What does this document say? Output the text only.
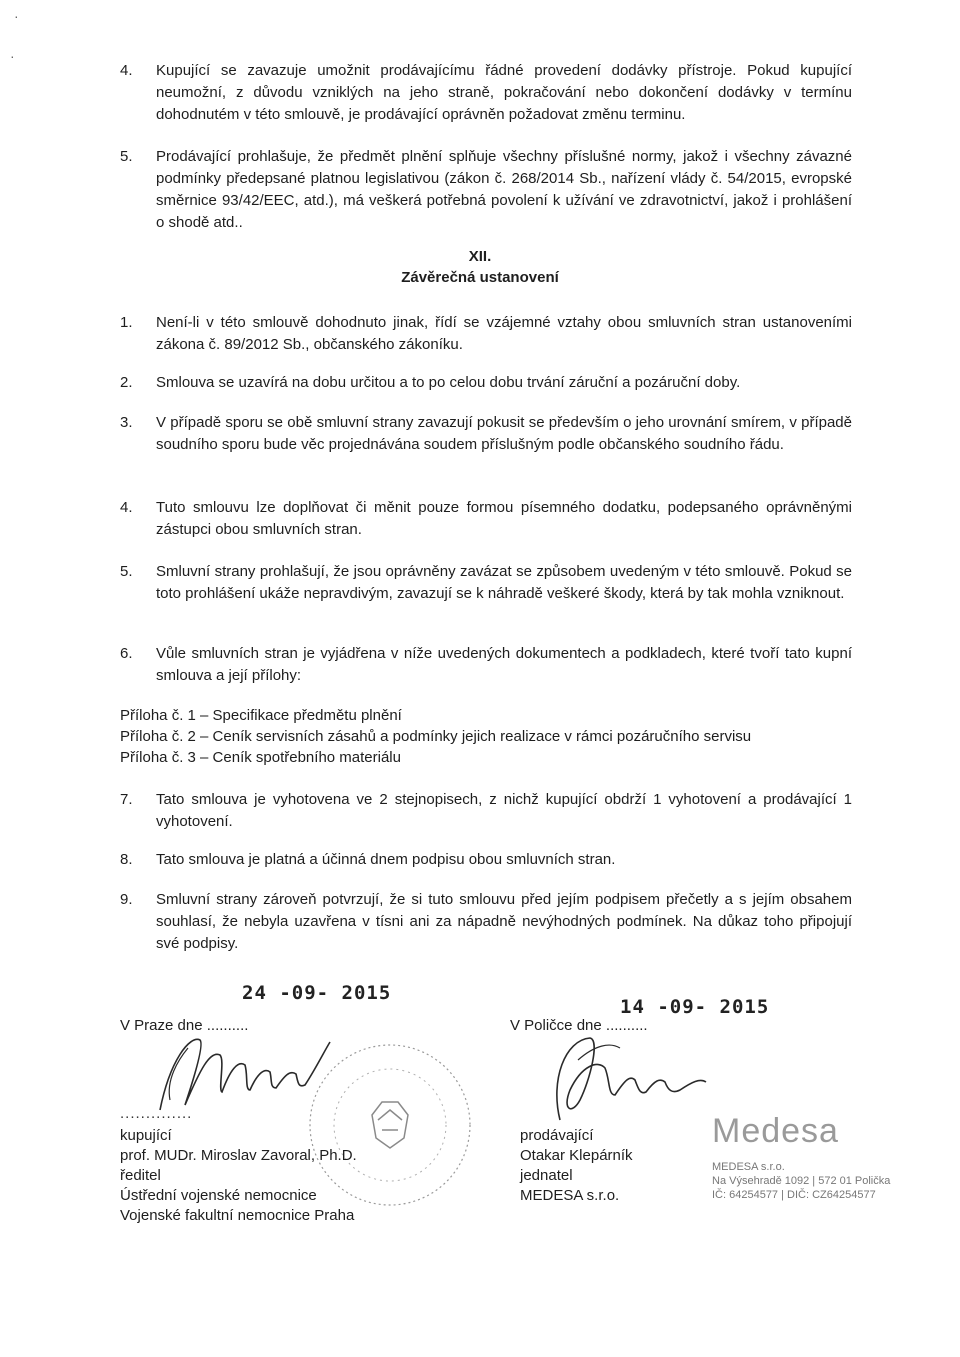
·
·
4.	Kupující se zavazuje umožnit prodávajícímu řádné provedení dodávky přístroje. Pokud kupující neumožní, z důvodu vzniklých na jeho straně, pokračování nebo dokončení dodávky v termínu dohodnutém v této smlouvě, je prodávající oprávněn požadovat změnu terminu.
5.	Prodávající prohlašuje, že předmět plnění splňuje všechny příslušné normy, jakož i všechny závazné podmínky předepsané platnou legislativou (zákon č. 268/2014 Sb., nařízení vlády č. 54/2015, evropské směrnice 93/42/EEC, atd.), má veškerá potřebná povolení k užívání ve zdravotnictví, jakož i prohlášení o shodě atd..
XII.
Závěrečná ustanovení
1.	Není-li v této smlouvě dohodnuto jinak, řídí se vzájemné vztahy obou smluvních stran ustanoveními zákona č. 89/2012 Sb., občanského zákoníku.
2.	Smlouva se uzavírá na dobu určitou a to po celou dobu trvání záruční a pozáruční doby.
3.	V případě sporu se obě smluvní strany zavazují pokusit se především o jeho urovnání smírem, v případě soudního sporu bude věc projednávána soudem příslušným podle občanského soudního řádu.
4.	Tuto smlouvu lze doplňovat či měnit pouze formou písemného dodatku, podepsaného oprávněnými zástupci obou smluvních stran.
5.	Smluvní strany prohlašují, že jsou oprávněny zavázat se způsobem uvedeným v této smlouvě. Pokud se toto prohlášení ukáže nepravdivým, zavazují se k náhradě veškeré škody, která by tak mohla vzniknout.
6.	Vůle smluvních stran je vyjádřena v níže uvedených dokumentech a podkladech, které tvoří tato kupní smlouva a její přílohy:
Příloha č. 1 – Specifikace předmětu plnění
Příloha č. 2 – Ceník servisních zásahů a podmínky jejich realizace v rámci pozáručního servisu
Příloha č. 3 – Ceník spotřebního materiálu
7.	Tato smlouva je vyhotovena ve 2 stejnopisech, z nichž kupující obdrží 1 vyhotovení a prodávající 1 vyhotovení.
8.	Tato smlouva je platná a účinná dnem podpisu obou smluvních stran.
9.	Smluvní strany zároveň potvrzují, že si tuto smlouvu před jejím podpisem přečetly a s jejím obsahem souhlasí, že nebyla uzavřena v tísni ani za nápadně nevýhodných podmínek. Na důkaz toho připojují své podpisy.
24 -09- 2015
V Praze dne ..........
14 -09- 2015
V Poličce dne ..........
..............
kupující
prof. MUDr. Miroslav Zavoral, Ph.D.
ředitel
Ústřední vojenské nemocnice
Vojenské fakultní nemocnice Praha
prodávající
Otakar Klepárník
jednatel
MEDESA s.r.o.
Medesa
MEDESA s.r.o.
Na Výsehradě 1092 | 572 01 Polička
IČ: 64254577 | DIČ: CZ64254577
